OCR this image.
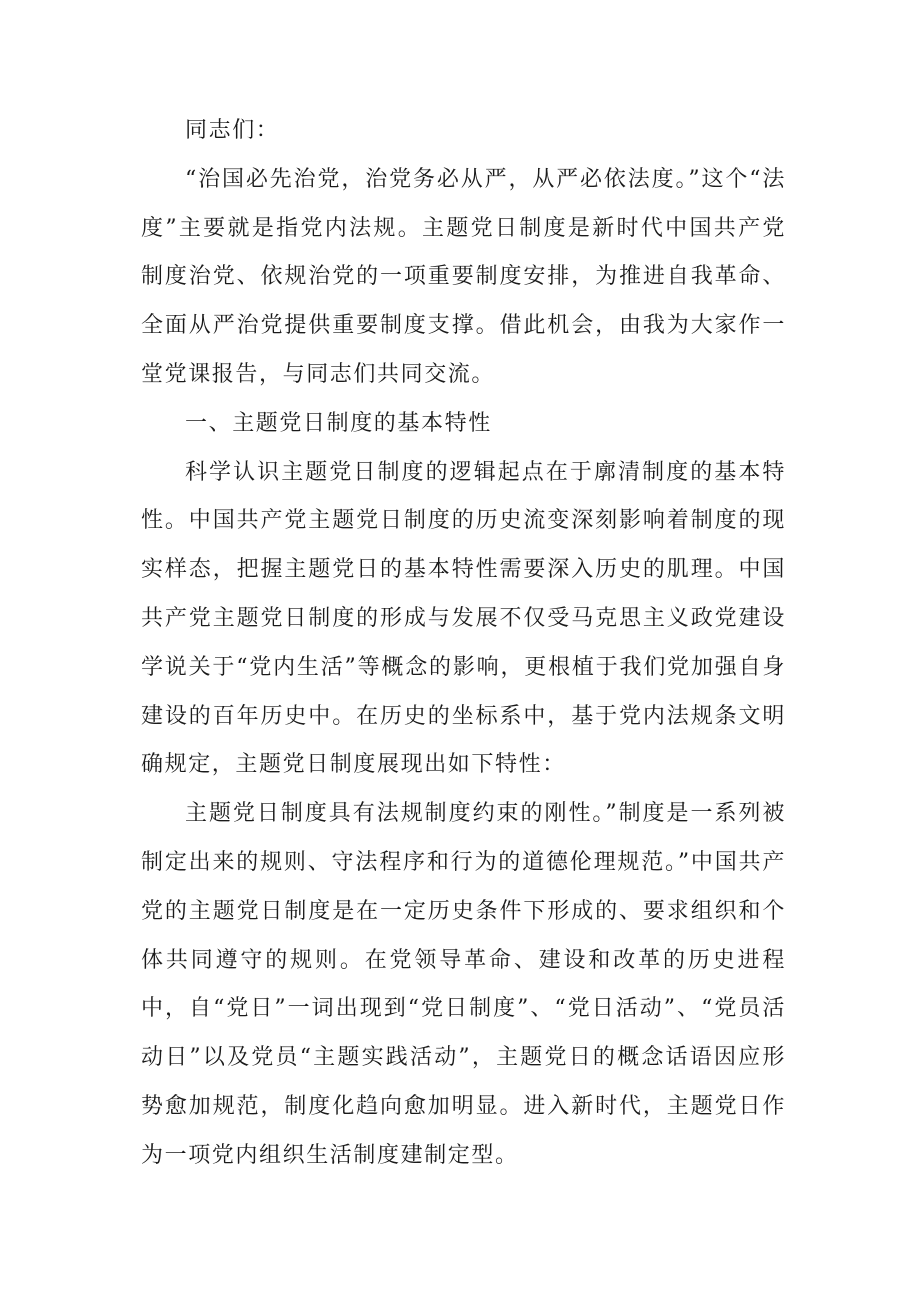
同志们：

“治国必先治党，治党务必从严，从严必依法度。”这个“法度”主要就是指党内法规。主题党日制度是新时代中国共产党制度治党、依规治党的一项重要制度安排，为推进自我革命、全面从严治党提供重要制度支撑。借此机会，由我为大家作一堂党课报告，与同志们共同交流。

一、主题党日制度的基本特性

科学认识主题党日制度的逻辑起点在于廓清制度的基本特性。中国共产党主题党日制度的历史流变深刻影响着制度的现实样态，把握主题党日的基本特性需要深入历史的肌理。中国共产党主题党日制度的形成与发展不仅受马克思主义政党建设学说关于“党内生活”等概念的影响，更根植于我们党加强自身建设的百年历史中。在历史的坐标系中，基于党内法规条文明确规定，主题党日制度展现出如下特性：

主题党日制度具有法规制度约束的刚性。”制度是一系列被制定出来的规则、守法程序和行为的道德伦理规范。”中国共产党的主题党日制度是在一定历史条件下形成的、要求组织和个体共同遵守的规则。在党领导革命、建设和改革的历史进程中，自“党日”一词出现到“党日制度”、“党日活动”、“党员活动日”以及党员“主题实践活动”，主题党日的概念话语因应形势愈加规范，制度化趋向愈加明显。进入新时代，主题党日作为一项党内组织生活制度建制定型。
